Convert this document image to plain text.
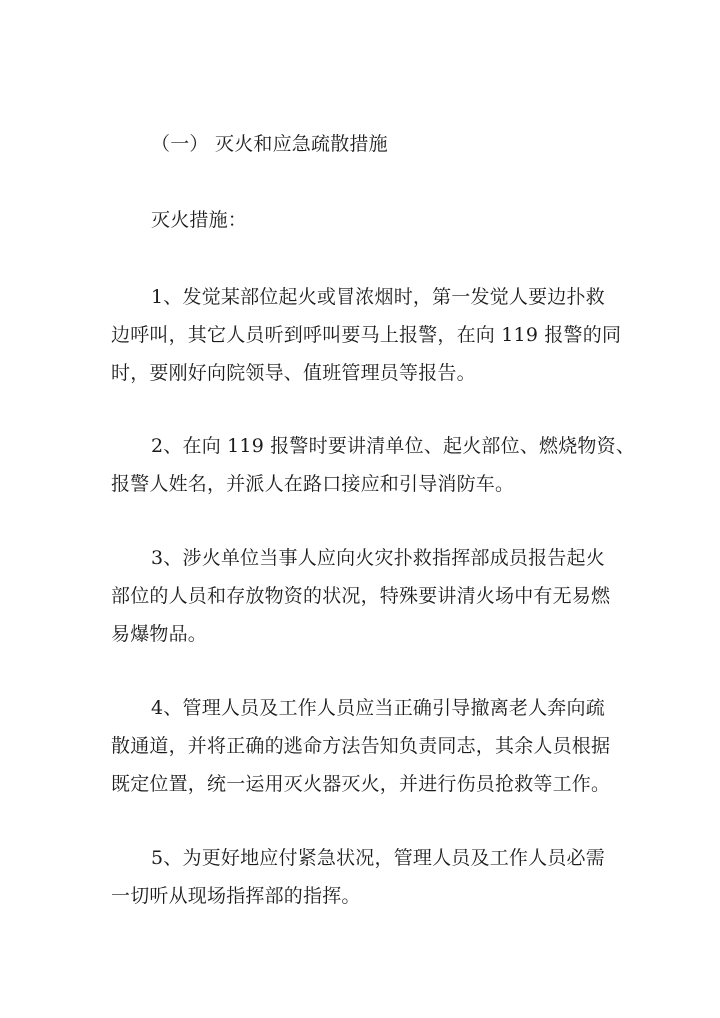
（一） 灭火和应急疏散措施
灭火措施：
1、发觉某部位起火或冒浓烟时，第一发觉人要边扑救
边呼叫，其它人员听到呼叫要马上报警，在向 119 报警的同
时，要刚好向院领导、值班管理员等报告。
2、在向 119 报警时要讲清单位、起火部位、燃烧物资、
报警人姓名，并派人在路口接应和引导消防车。
3、涉火单位当事人应向火灾扑救指挥部成员报告起火
部位的人员和存放物资的状况，特殊要讲清火场中有无易燃
易爆物品。
4、管理人员及工作人员应当正确引导撤离老人奔向疏
散通道，并将正确的逃命方法告知负责同志，其余人员根据
既定位置，统一运用灭火器灭火，并进行伤员抢救等工作。
5、为更好地应付紧急状况，管理人员及工作人员必需
一切听从现场指挥部的指挥。
